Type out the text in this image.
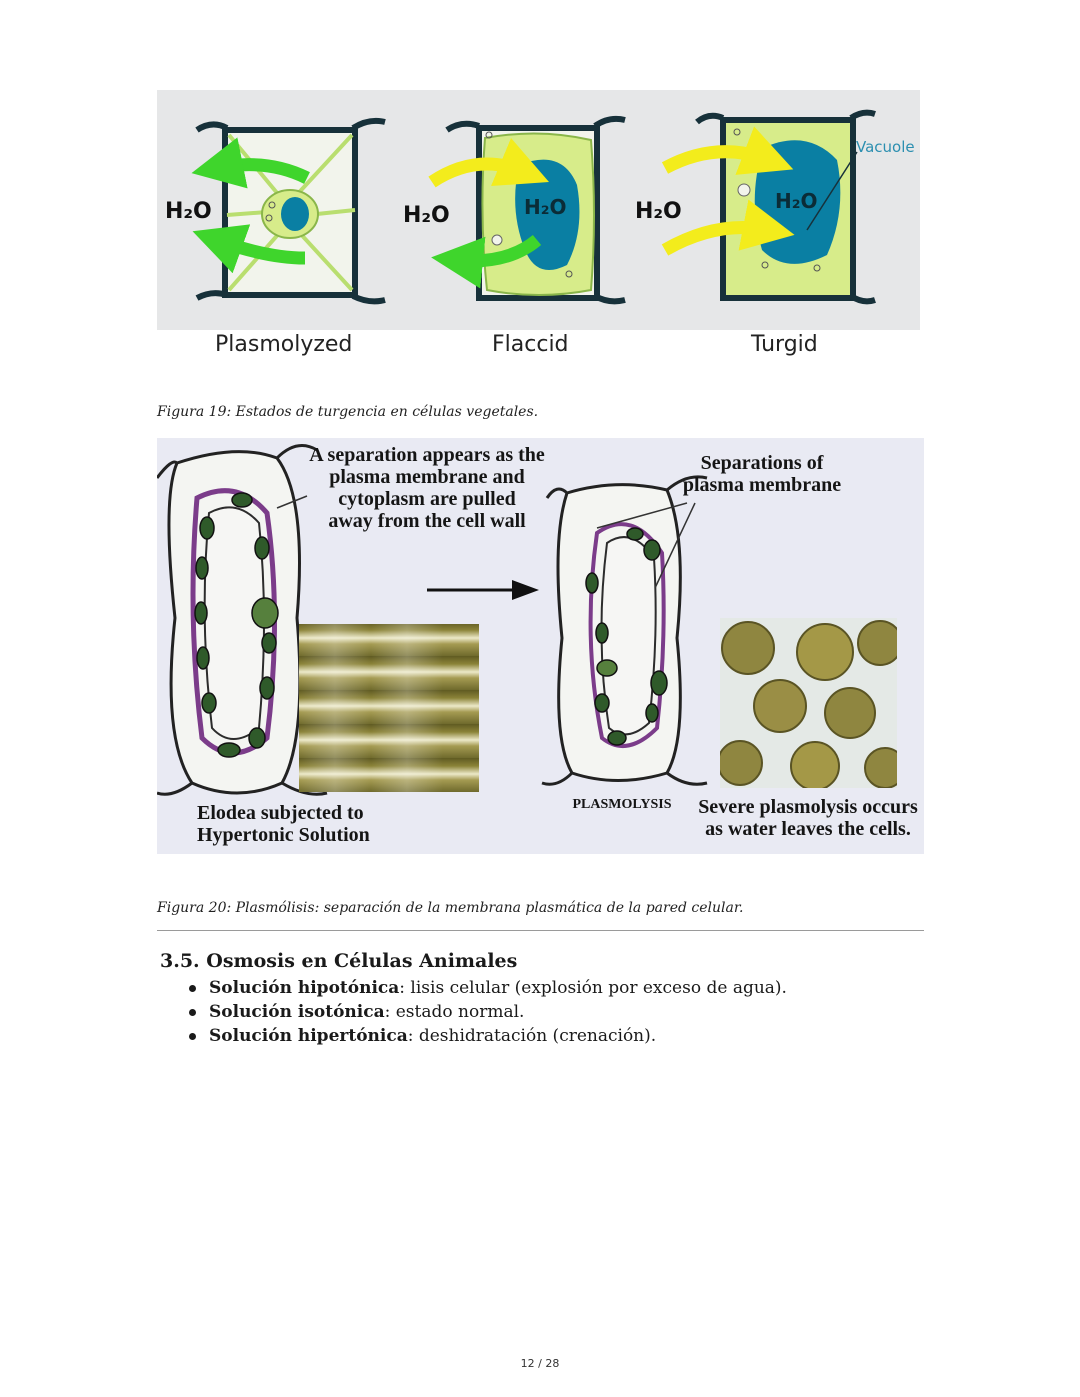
H₂O	H₂O	H₂O	H₂O	H₂O
Vacuole
Plasmolyzed	Flaccid	Turgid
Figura 19: Estados de turgencia en células vegetales.
A separation appears as the
plasma membrane and
cytoplasm are pulled
away from the cell wall
Separations of
plasma membrane
Elodea subjected to
Hypertonic Solution
PLASMOLYSIS	Severe plasmolysis occurs
as water leaves the cells.
Figura 20: Plasmólisis: separación de la membrana plasmática de la pared celular.
3.5. Osmosis en Células Animales
Solución hipotónica: lisis celular (explosión por exceso de agua).
Solución isotónica: estado normal.
Solución hipertónica: deshidratación (crenación).
12 / 28
